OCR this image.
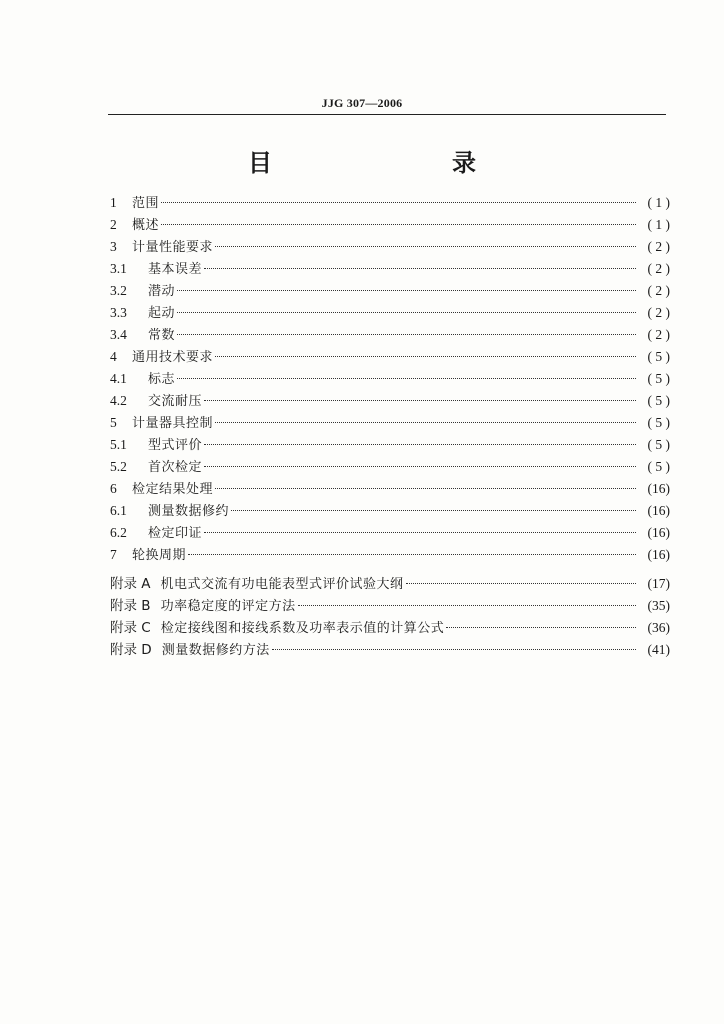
JJG 307—2006
目　　录
1	范围	( 1 )
2	概述	( 1 )
3	计量性能要求	( 2 )
3.1	基本误差	( 2 )
3.2	潜动	( 2 )
3.3	起动	( 2 )
3.4	常数	( 2 )
4	通用技术要求	( 5 )
4.1	标志	( 5 )
4.2	交流耐压	( 5 )
5	计量器具控制	( 5 )
5.1	型式评价	( 5 )
5.2	首次检定	( 5 )
6	检定结果处理	(16)
6.1	测量数据修约	(16)
6.2	检定印证	(16)
7	轮换周期	(16)
附录 A 机电式交流有功电能表型式评价试验大纲	(17)
附录 B 功率稳定度的评定方法	(35)
附录 C 检定接线图和接线系数及功率表示值的计算公式	(36)
附录 D 测量数据修约方法	(41)
